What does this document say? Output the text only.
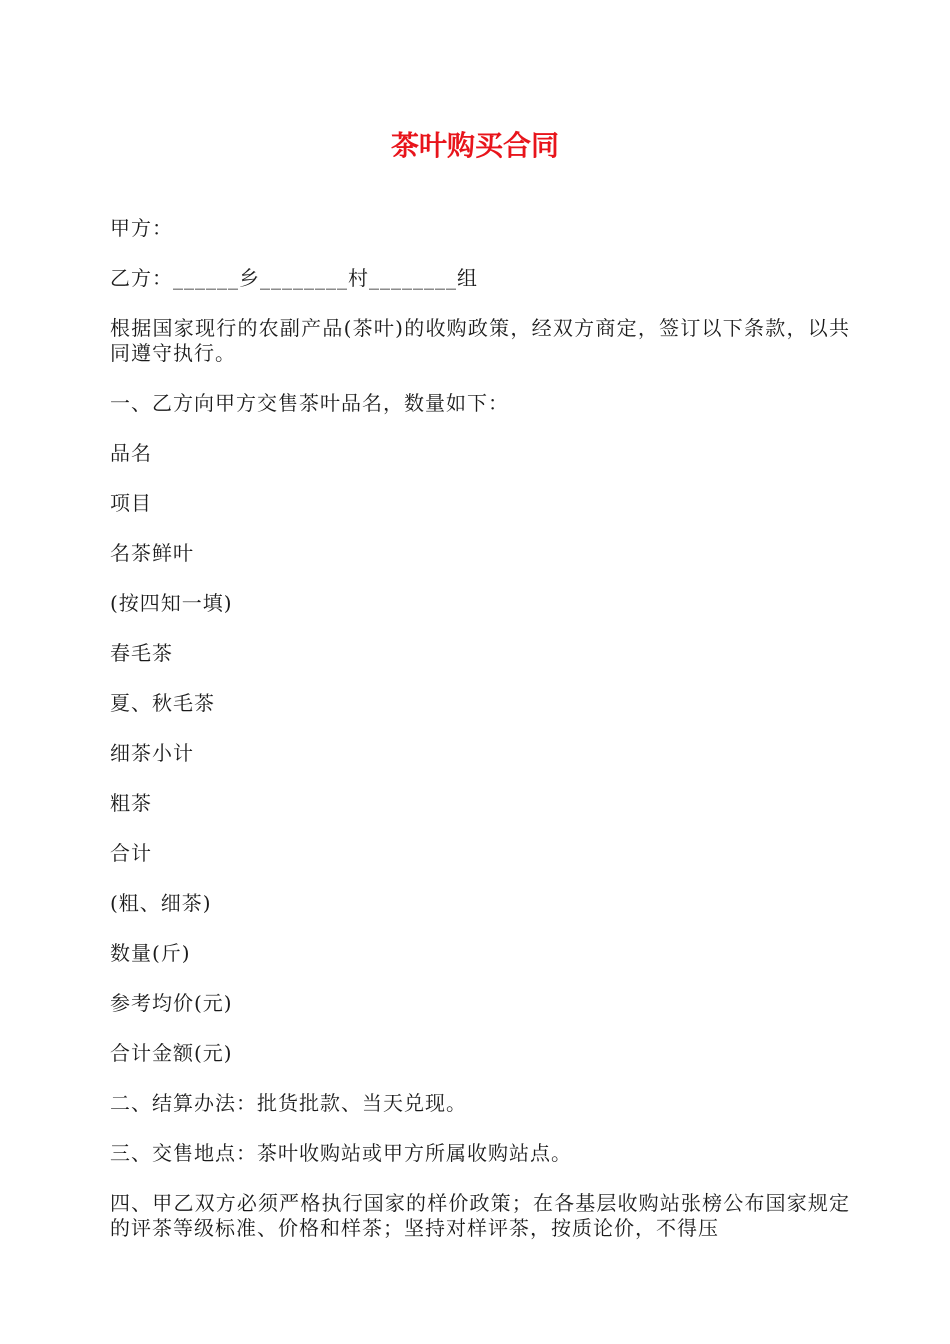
茶叶购买合同

甲方：

乙方：______乡________村________组

根据国家现行的农副产品(茶叶)的收购政策，经双方商定，签订以下条款，以共同遵守执行。

一、乙方向甲方交售茶叶品名，数量如下：

品名

项目

名茶鲜叶

(按四知一填)

春毛茶

夏、秋毛茶

细茶小计

粗茶

合计

(粗、细茶)

数量(斤)

参考均价(元)

合计金额(元)

二、结算办法：批货批款、当天兑现。

三、交售地点：茶叶收购站或甲方所属收购站点。

四、甲乙双方必须严格执行国家的样价政策；在各基层收购站张榜公布国家规定的评茶等级标准、价格和样茶；坚持对样评茶，按质论价，不得压
